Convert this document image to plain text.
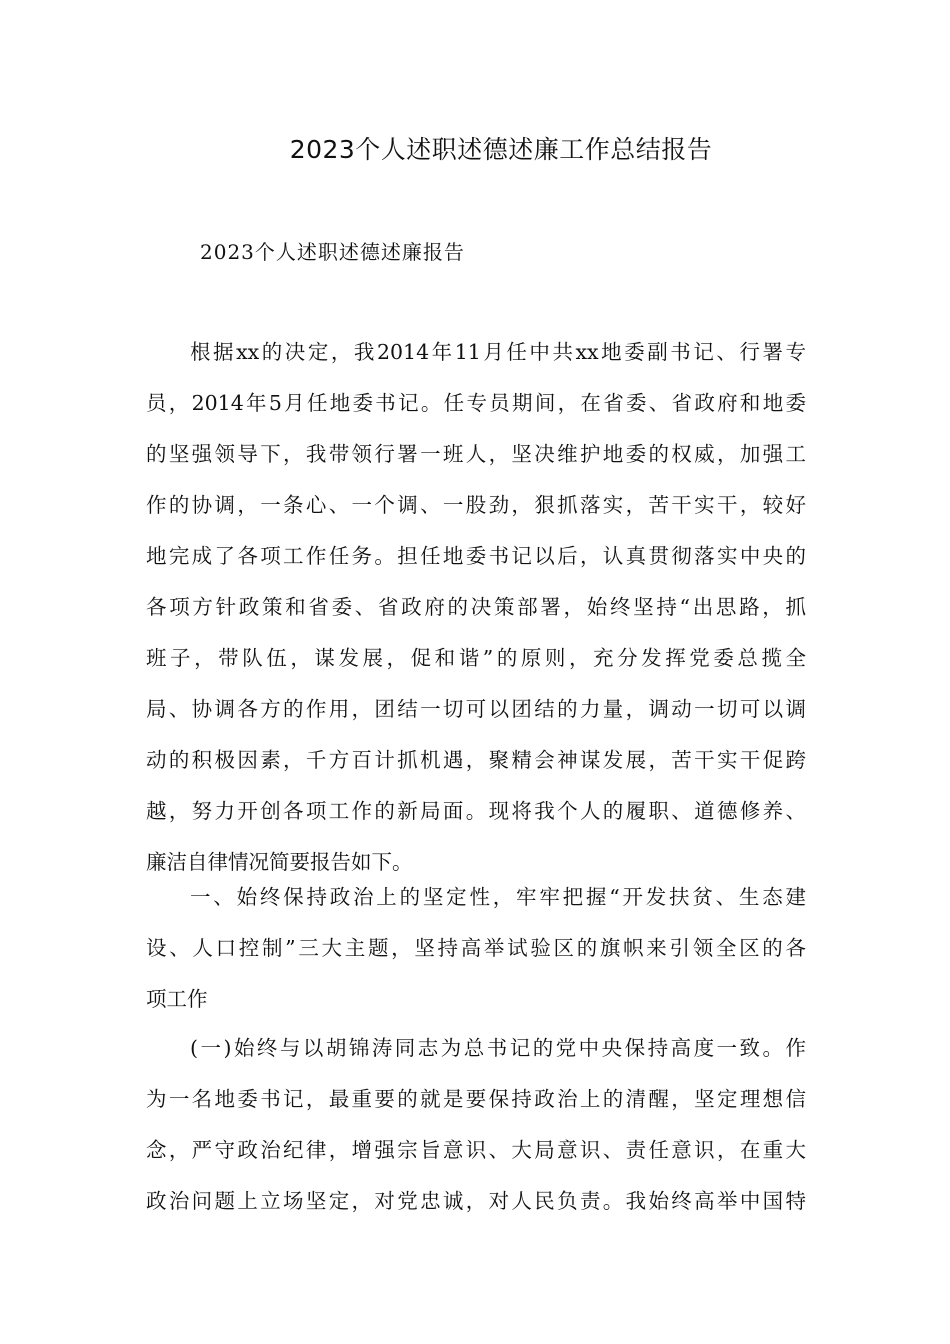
2023个人述职述德述廉工作总结报告
2023个人述职述德述廉报告
根据xx的决定，我2014年11月任中共xx地委副书记、行署专
员，2014年5月任地委书记。任专员期间，在省委、省政府和地委
的坚强领导下，我带领行署一班人，坚决维护地委的权威，加强工
作的协调，一条心、一个调、一股劲，狠抓落实，苦干实干，较好
地完成了各项工作任务。担任地委书记以后，认真贯彻落实中央的
各项方针政策和省委、省政府的决策部署，始终坚持“出思路，抓
班子，带队伍，谋发展，促和谐”的原则，充分发挥党委总揽全
局、协调各方的作用，团结一切可以团结的力量，调动一切可以调
动的积极因素，千方百计抓机遇，聚精会神谋发展，苦干实干促跨
越，努力开创各项工作的新局面。现将我个人的履职、道德修养、
廉洁自律情况简要报告如下。
一、始终保持政治上的坚定性，牢牢把握“开发扶贫、生态建
设、人口控制”三大主题，坚持高举试验区的旗帜来引领全区的各
项工作
(一)始终与以胡锦涛同志为总书记的党中央保持高度一致。作
为一名地委书记，最重要的就是要保持政治上的清醒，坚定理想信
念，严守政治纪律，增强宗旨意识、大局意识、责任意识，在重大
政治问题上立场坚定，对党忠诚，对人民负责。我始终高举中国特
